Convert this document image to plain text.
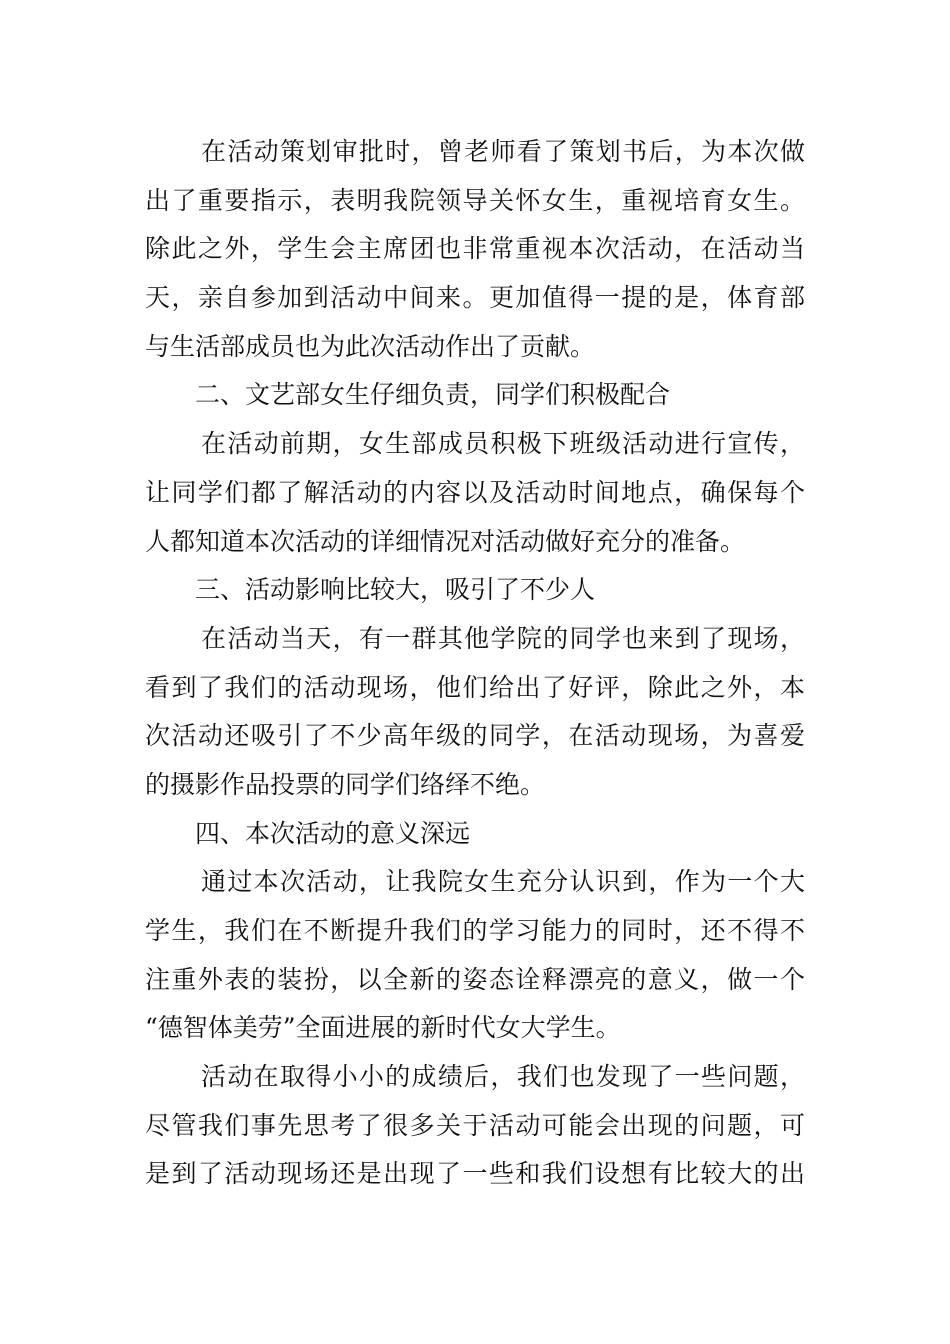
在活动策划审批时，曾老师看了策划书后，为本次做
出了重要指示，表明我院领导关怀女生，重视培育女生。
除此之外，学生会主席团也非常重视本次活动，在活动当
天，亲自参加到活动中间来。更加值得一提的是，体育部
与生活部成员也为此次活动作出了贡献。
二、文艺部女生仔细负责，同学们积极配合
在活动前期，女生部成员积极下班级活动进行宣传，
让同学们都了解活动的内容以及活动时间地点，确保每个
人都知道本次活动的详细情况对活动做好充分的准备。
三、活动影响比较大，吸引了不少人
在活动当天，有一群其他学院的同学也来到了现场，
看到了我们的活动现场，他们给出了好评，除此之外，本
次活动还吸引了不少高年级的同学，在活动现场，为喜爱
的摄影作品投票的同学们络绎不绝。
四、本次活动的意义深远
通过本次活动，让我院女生充分认识到，作为一个大
学生，我们在不断提升我们的学习能力的同时，还不得不
注重外表的装扮，以全新的姿态诠释漂亮的意义，做一个
“德智体美劳”全面进展的新时代女大学生。
活动在取得小小的成绩后，我们也发现了一些问题，
尽管我们事先思考了很多关于活动可能会出现的问题，可
是到了活动现场还是出现了一些和我们设想有比较大的出
